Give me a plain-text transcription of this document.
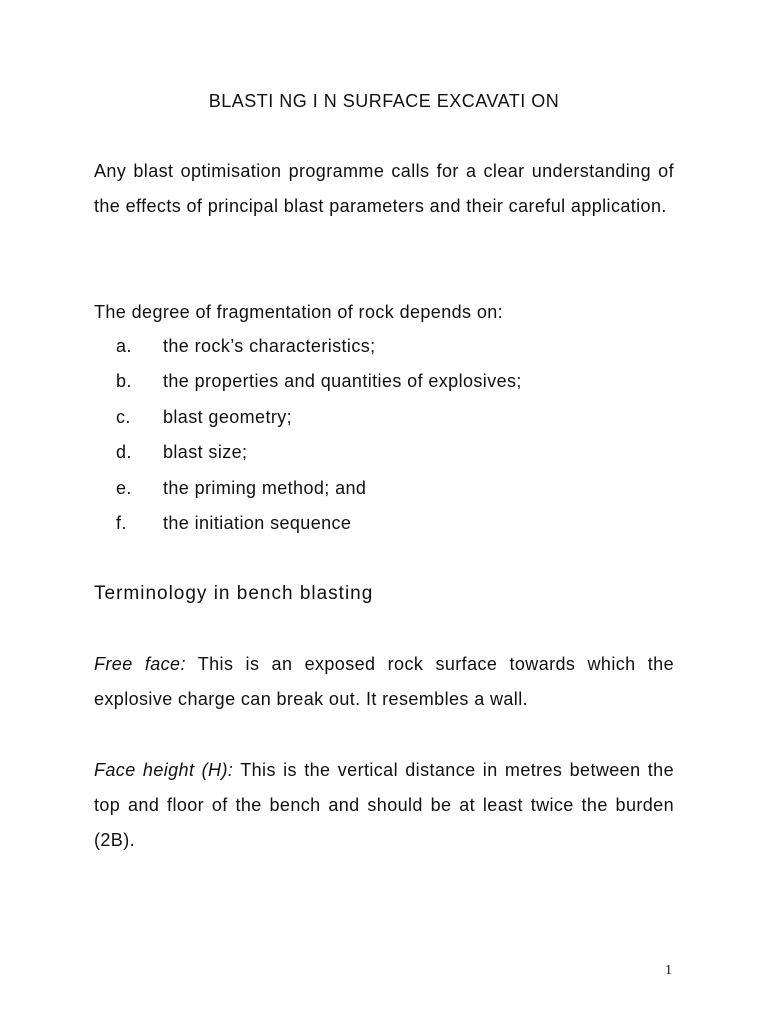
BLASTI NG I N SURFACE EXCAVATI ON

Any blast optimisation programme calls for a clear understanding of the effects of principal blast parameters and their careful application.

The degree of fragmentation of rock depends on:

a.	the rock’s characteristics;
b.	the properties and quantities of explosives;
c.	blast geometry;
d.	blast size;
e.	the priming method; and
f.	the initiation sequence
Terminology in bench blasting

Free face: This is an exposed rock surface towards which the explosive charge can break out. It resembles a wall.

Face height (H): This is the vertical distance in metres between the top and floor of the bench and should be at least twice the burden (2B).

1
